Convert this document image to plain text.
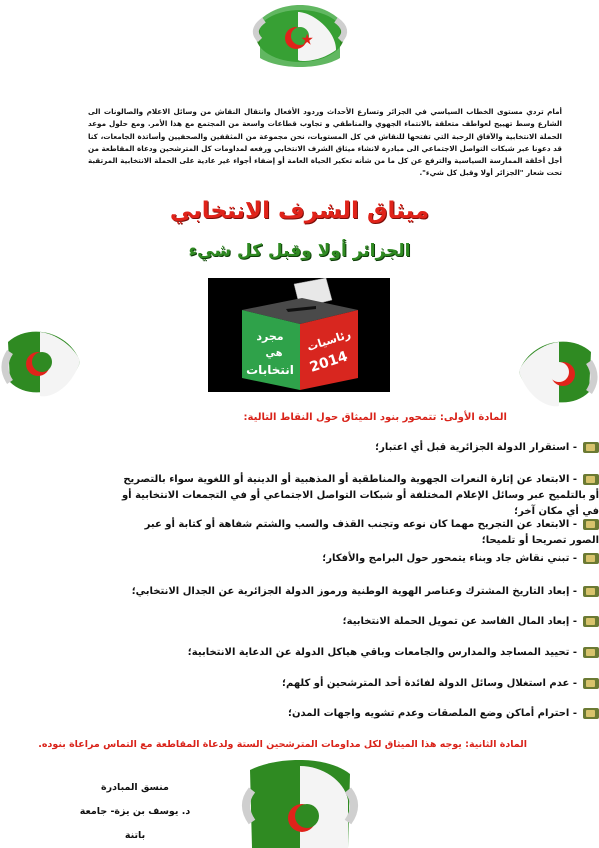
أمام تردي مستوى الخطاب السياسي في الجزائر وتسارع الأحداث وردود الأفعال وانتقال النقاش من وسائل الاعلام والصالونات الى الشارع وسط تهييج لعواطف متعلقة بالانتماء الجهوي والمناطقي و تجاوب قطاعات واسعة من المجتمع مع هذا الأمر. ومع حلول موعد الحملة الانتخابية والآفاق الرحبة التي تفتحها للنقاش في كل المستويات، نحن مجموعة من المثقفين والصحفيين وأساتذة الجامعات، كنا قد دعونا عبر شبكات التواصل الاجتماعي الى مبادرة لانشاء ميثاق الشرف الانتخابي ورفعه لمداومات كل المترشحين ودعاة المقاطعة من أجل أخلقة الممارسة السياسية والترفع عن كل ما من شأنه تعكير الحياة العامة أو إضفاء أجواء غير عادية على الحملة الانتخابية المرتقبة تحت شعار "الجزائر أولا وقبل كل شيء".
ميثاق الشرف الانتخابي
الجزائر أولا وقبل كل شيء
مجرد
هي
انتخابات
رئاسيات
2014
المادة الأولى: تتمحور بنود الميثاق حول النقاط التالية:
- استقرار الدولة الجزائرية قبل أي اعتبار؛
- الابتعاد عن إثارة النعرات الجهوية والمناطقية أو المذهبية أو الدينية أو اللغوية سواء بالتصريح أو بالتلميح عبر وسائل الإعلام المختلفة أو شبكات التواصل الاجتماعي أو في التجمعات الانتخابية أو في أي مكان آخر؛
- الابتعاد عن التجريح مهما كان نوعه وتجنب القذف والسب والشتم شفاهة أو كتابة أو عبر الصور تصريحا أو تلميحا؛
- تبني نقاش جاد وبناء يتمحور حول البرامج والأفكار؛
- إبعاد التاريخ المشترك وعناصر الهوية الوطنية ورموز الدولة الجزائرية عن الجدال الانتخابي؛
- إبعاد المال الفاسد عن تمويل الحملة الانتخابية؛
- تحييد المساجد والمدارس والجامعات وباقي هياكل الدولة عن الدعاية الانتخابية؛
- عدم استغلال وسائل الدولة لفائدة أحد المترشحين أو كلهم؛
- احترام أماكن وضع الملصقات وعدم تشويه واجهات المدن؛
المادة الثانية: يوجه هذا الميثاق لكل مداومات المترشحين الستة ولدعاة المقاطعة مع التماس مراعاة بنوده.
منسق المبادرة
د. يوسف بن يزة- جامعة باتنة
